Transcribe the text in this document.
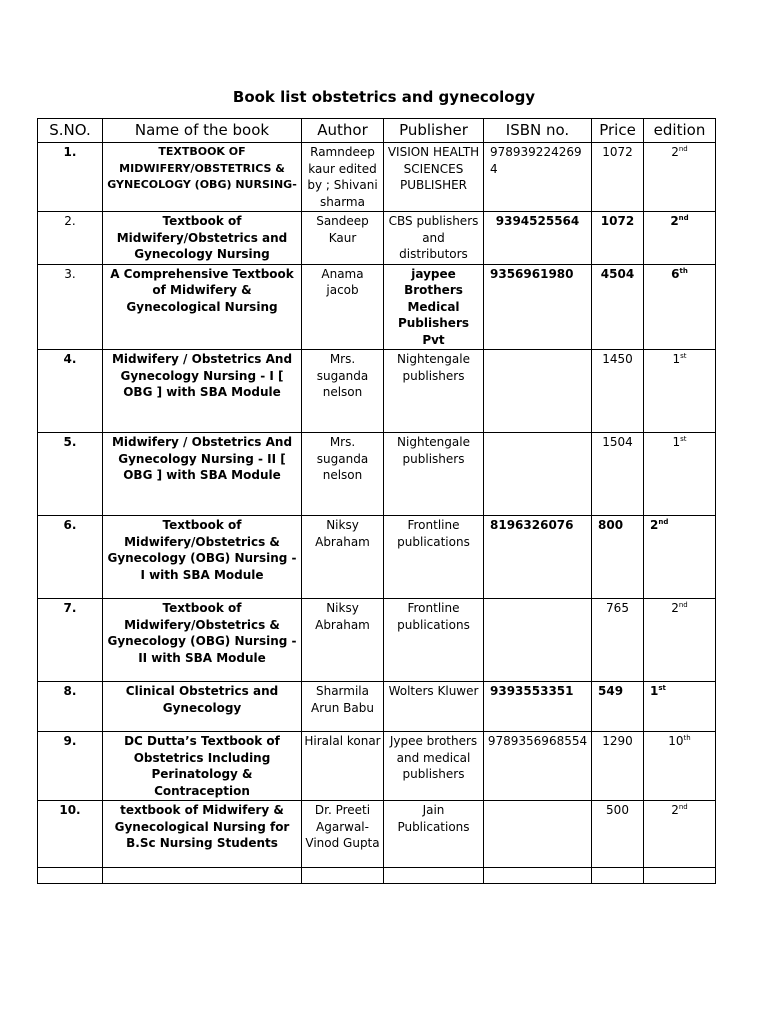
Book list obstetrics and gynecology
S.NO.	Name of the book	Author	Publisher	ISBN no.	Price	edition
1.	TEXTBOOK OF MIDWIFERY/OBSTETRICS & GYNECOLOGY (OBG) NURSING-	Ramndeep kaur edited by ; Shivani sharma	VISION HEALTH SCIENCES PUBLISHER	9789392242694	1072	2nd
2.	Textbook of Midwifery/Obstetrics and Gynecology Nursing	Sandeep Kaur	CBS publishers and distributors	9394525564	1072	2nd
3.	A Comprehensive Textbook of Midwifery & Gynecological Nursing	Anama jacob	jaypee Brothers Medical Publishers Pvt	9356961980	4504	6th
4.	Midwifery / Obstetrics And Gynecology Nursing - I [ OBG ] with SBA Module	Mrs. suganda nelson	Nightengale publishers		1450	1st
5.	Midwifery / Obstetrics And Gynecology Nursing - II [ OBG ] with SBA Module	Mrs. suganda nelson	Nightengale publishers		1504	1st
6.	Textbook of Midwifery/Obstetrics & Gynecology (OBG) Nursing - I with SBA Module	Niksy Abraham	Frontline publications	8196326076	800	2nd
7.	Textbook of Midwifery/Obstetrics & Gynecology (OBG) Nursing - II with SBA Module	Niksy Abraham	Frontline publications		765	2nd
8.	Clinical Obstetrics and Gynecology	Sharmila Arun Babu	Wolters Kluwer	9393553351	549	1st
9.	DC Dutta’s Textbook of Obstetrics Including Perinatology & Contraception	Hiralal konar	Jypee brothers and medical publishers	9789356968554	1290	10th
10.	textbook of Midwifery & Gynecological Nursing for B.Sc Nursing Students	Dr. Preeti Agarwal-Vinod Gupta	Jain Publications		500	2nd
